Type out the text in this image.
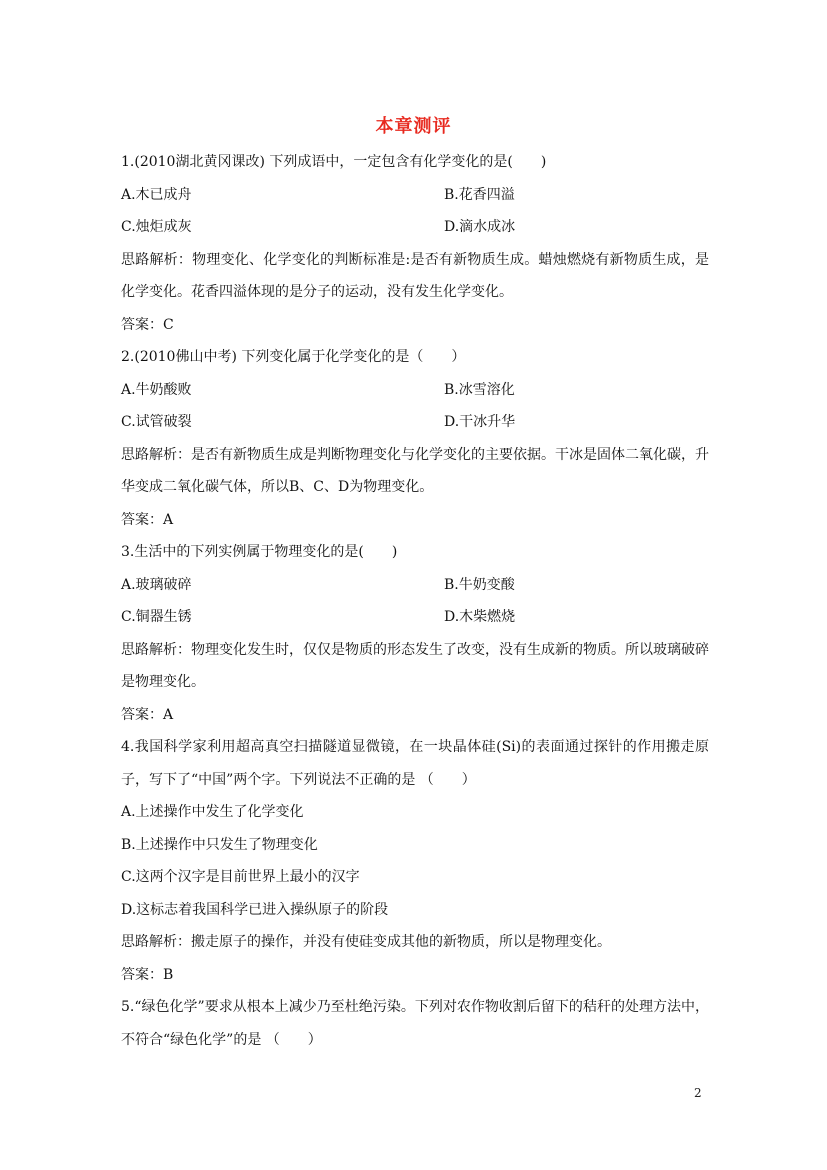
本章测评
1.(2010湖北黄冈课改) 下列成语中，一定包含有化学变化的是(　　)
A.木已成舟	B.花香四溢
C.烛炬成灰	D.滴水成冰
思路解析：物理变化、化学变化的判断标准是:是否有新物质生成。蜡烛燃烧有新物质生成，是化学变化。花香四溢体现的是分子的运动，没有发生化学变化。
答案：C
2.(2010佛山中考) 下列变化属于化学变化的是（　　）
A.牛奶酸败	B.冰雪溶化
C.试管破裂	D.干冰升华
思路解析：是否有新物质生成是判断物理变化与化学变化的主要依据。干冰是固体二氧化碳，升华变成二氧化碳气体，所以B、C、D为物理变化。
答案：A
3.生活中的下列实例属于物理变化的是(　　)
A.玻璃破碎	B.牛奶变酸
C.铜器生锈	D.木柴燃烧
思路解析：物理变化发生时，仅仅是物质的形态发生了改变，没有生成新的物质。所以玻璃破碎是物理变化。
答案：A
4.我国科学家利用超高真空扫描隧道显微镜，在一块晶体硅(Si)的表面通过探针的作用搬走原子，写下了“中国”两个字。下列说法不正确的是 （　　）
A.上述操作中发生了化学变化
B.上述操作中只发生了物理变化
C.这两个汉字是目前世界上最小的汉字
D.这标志着我国科学已进入操纵原子的阶段
思路解析：搬走原子的操作，并没有使硅变成其他的新物质，所以是物理变化。
答案：B
5.“绿色化学”要求从根本上减少乃至杜绝污染。下列对农作物收割后留下的秸秆的处理方法中，不符合“绿色化学”的是 （　　）
2
